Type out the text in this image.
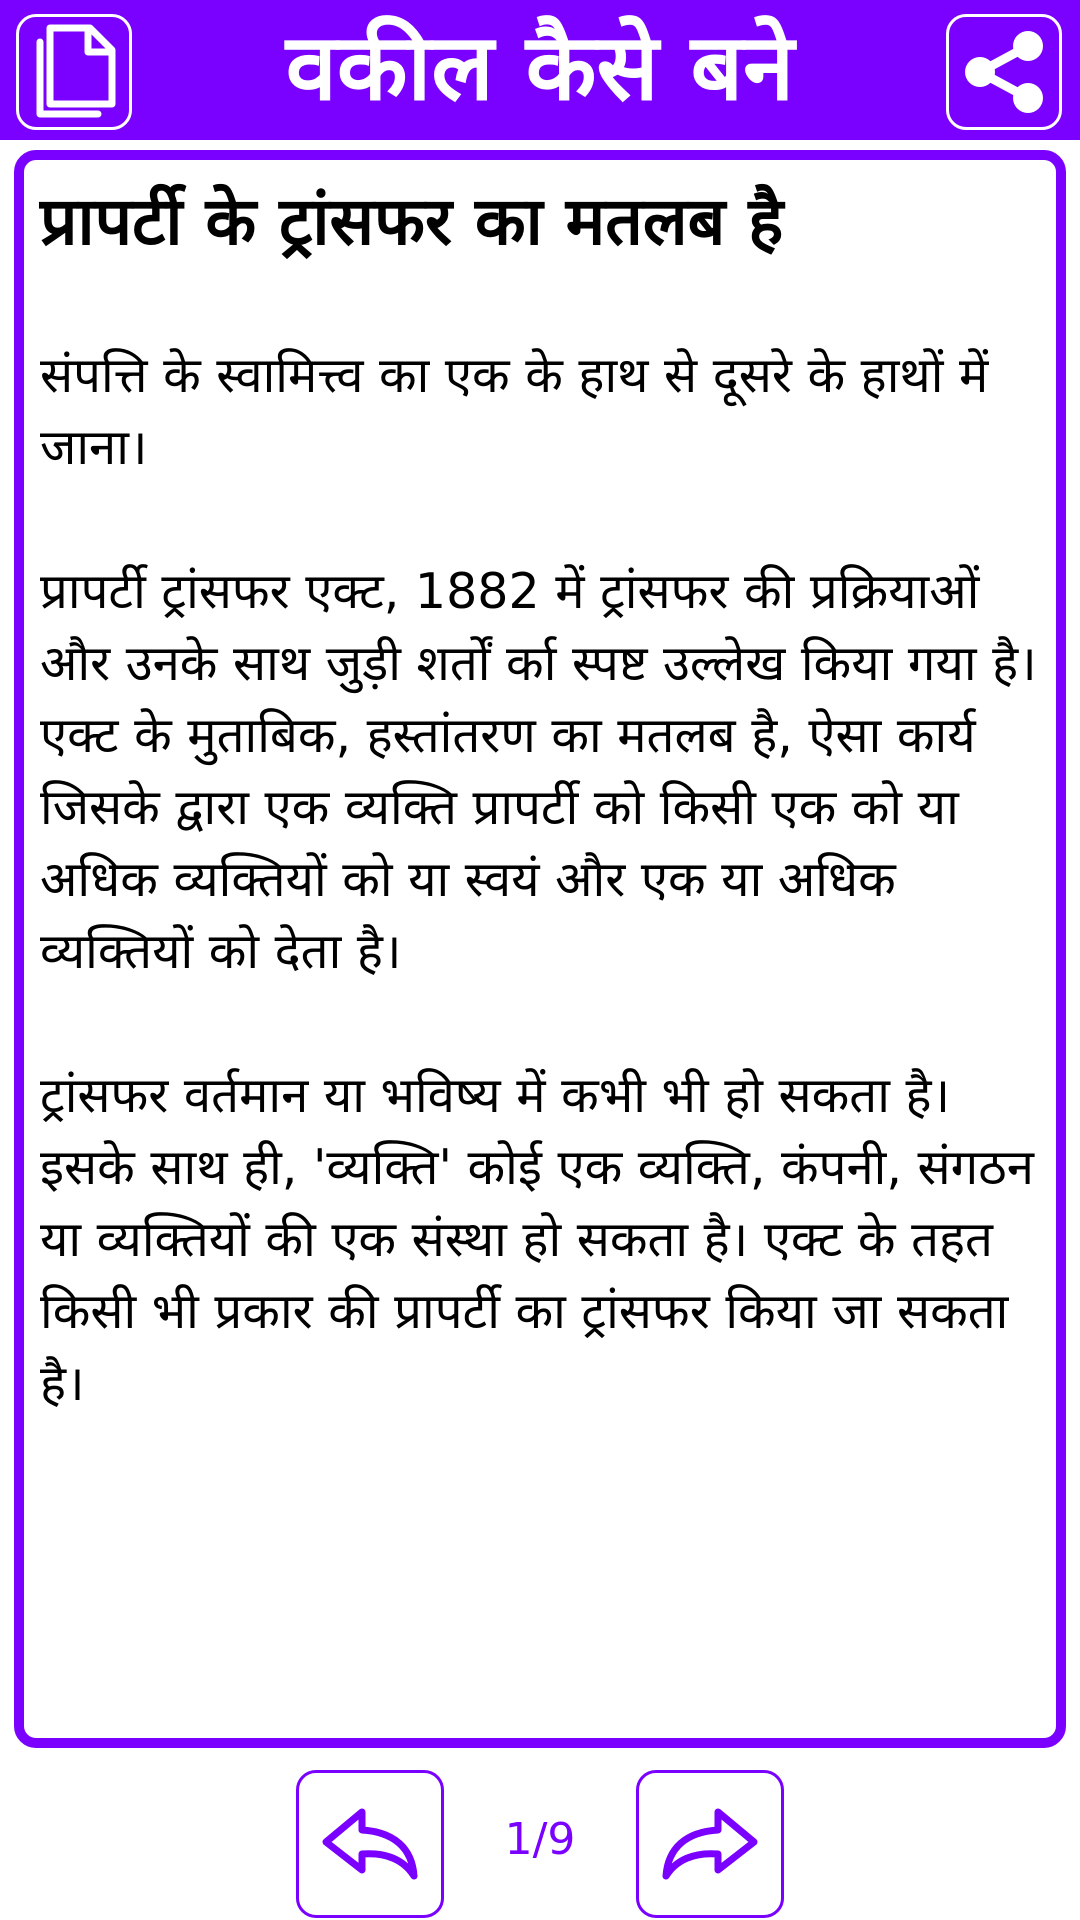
वकील कैसे बने
प्रापर्टी के ट्रांसफर का मतलब है

संपत्ति के स्वामित्त्व का एक के हाथ से दूसरे के हाथों में जाना।

प्रापर्टी ट्रांसफर एक्ट, 1882 में ट्रांसफर की प्रक्रियाओं और उनके साथ जुड़ी शर्तों र्का स्पष्ट उल्लेख किया गया है। एक्ट के मुताबिक, हस्तांतरण का मतलब है, ऐसा कार्य जिसके द्वारा एक व्यक्ति प्रापर्टी को किसी एक को या अधिक व्यक्तियों को या स्वयं और एक या अधिक व्यक्तियों को देता है।

ट्रांसफर वर्तमान या भविष्य में कभी भी हो सकता है। इसके साथ ही, 'व्यक्ति' कोई एक व्यक्ति, कंपनी, संगठन या व्यक्तियों की एक संस्था हो सकता है। एक्ट के तहत किसी भी प्रकार की प्रापर्टी का ट्रांसफर किया जा सकता है।

1/9
